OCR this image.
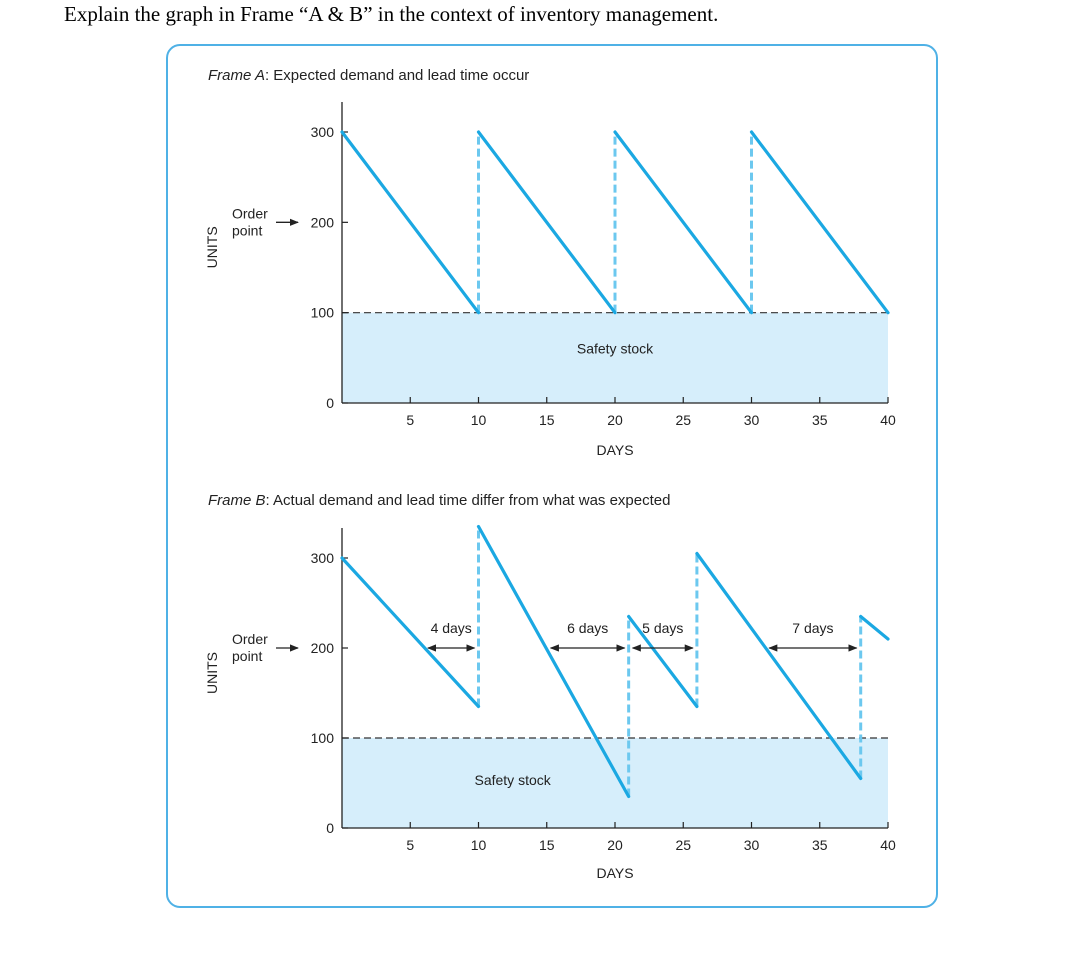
Explain the graph in Frame “A & B” in the context of inventory management.
Frame A: Expected demand and lead time occur
Safety stock
0
100
200
300
5	10	15	20	25	30	35	40
DAYS
UNITS
Order
point
Frame B: Actual demand and lead time differ from what was expected
Safety stock
0
100
200
300
5	10	15	20	25	30	35	40
DAYS
UNITS
Order
point
4 days	6 days 5 days	7 days
